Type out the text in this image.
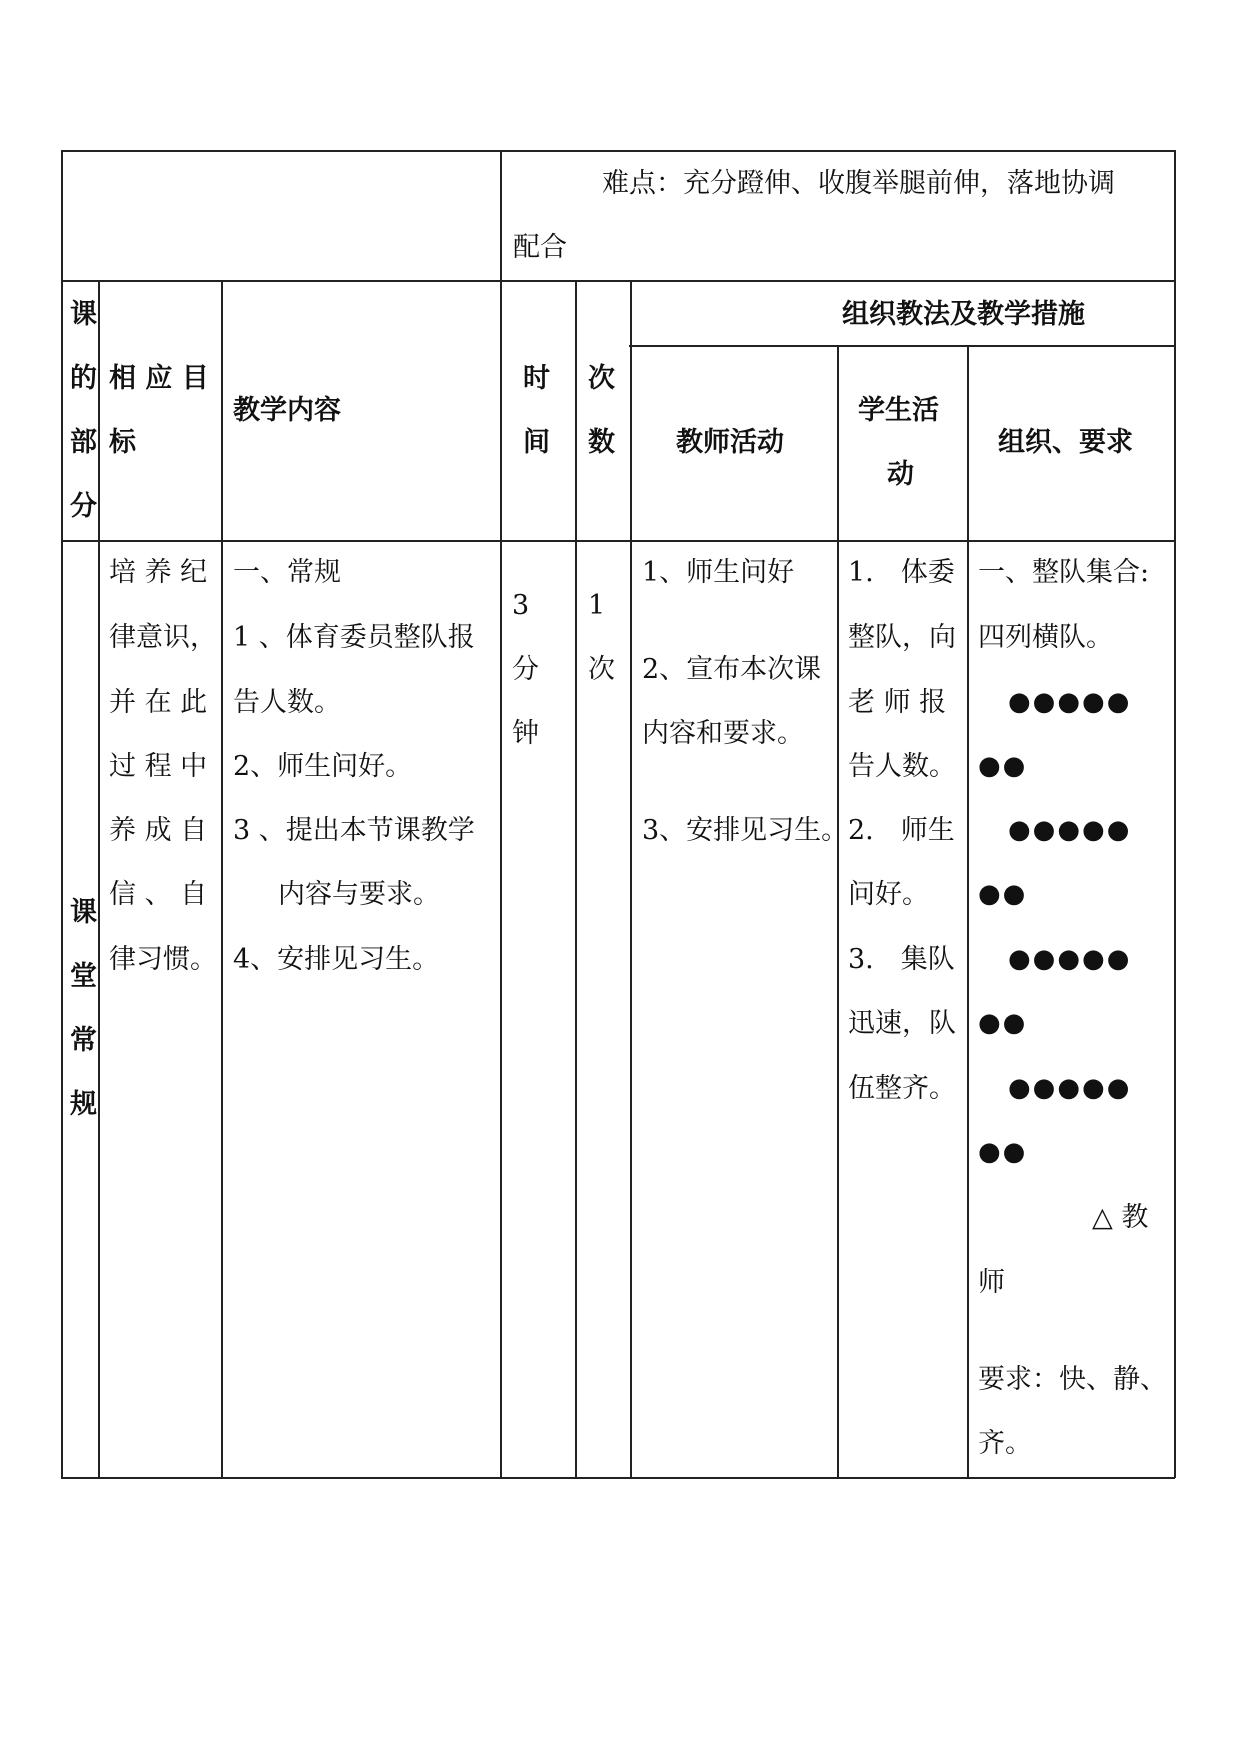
难点：充分蹬伸、收腹举腿前伸，落地协调
配合
课
的
部
分
相 应 目
标
教学内容
时
间
次
数
组织教法及教学措施
教师活动
学生活
动
组织、要求
课
堂
常
规
培 养 纪
律意识，
并 在 此
过 程 中
养 成 自
信 、 自
律习惯。
一、常规
1 、体育委员整队报
告人数。
2、师生问好。
3 、提出本节课教学
内容与要求。
4、安排见习生。
3
分
钟
1
次
1、师生问好
2、宣布本次课
内容和要求。
3、安排见习生。
1.　体委
整队，向
老 师 报
告人数。
2.　师生
问好。
3.　集队
迅速，队
伍整齐。
一、整队集合:
四列横队。
●●●●●
●●
●●●●●
●●
●●●●●
●●
●●●●●
●●
△ 教
师
要求：快、静、
齐。
